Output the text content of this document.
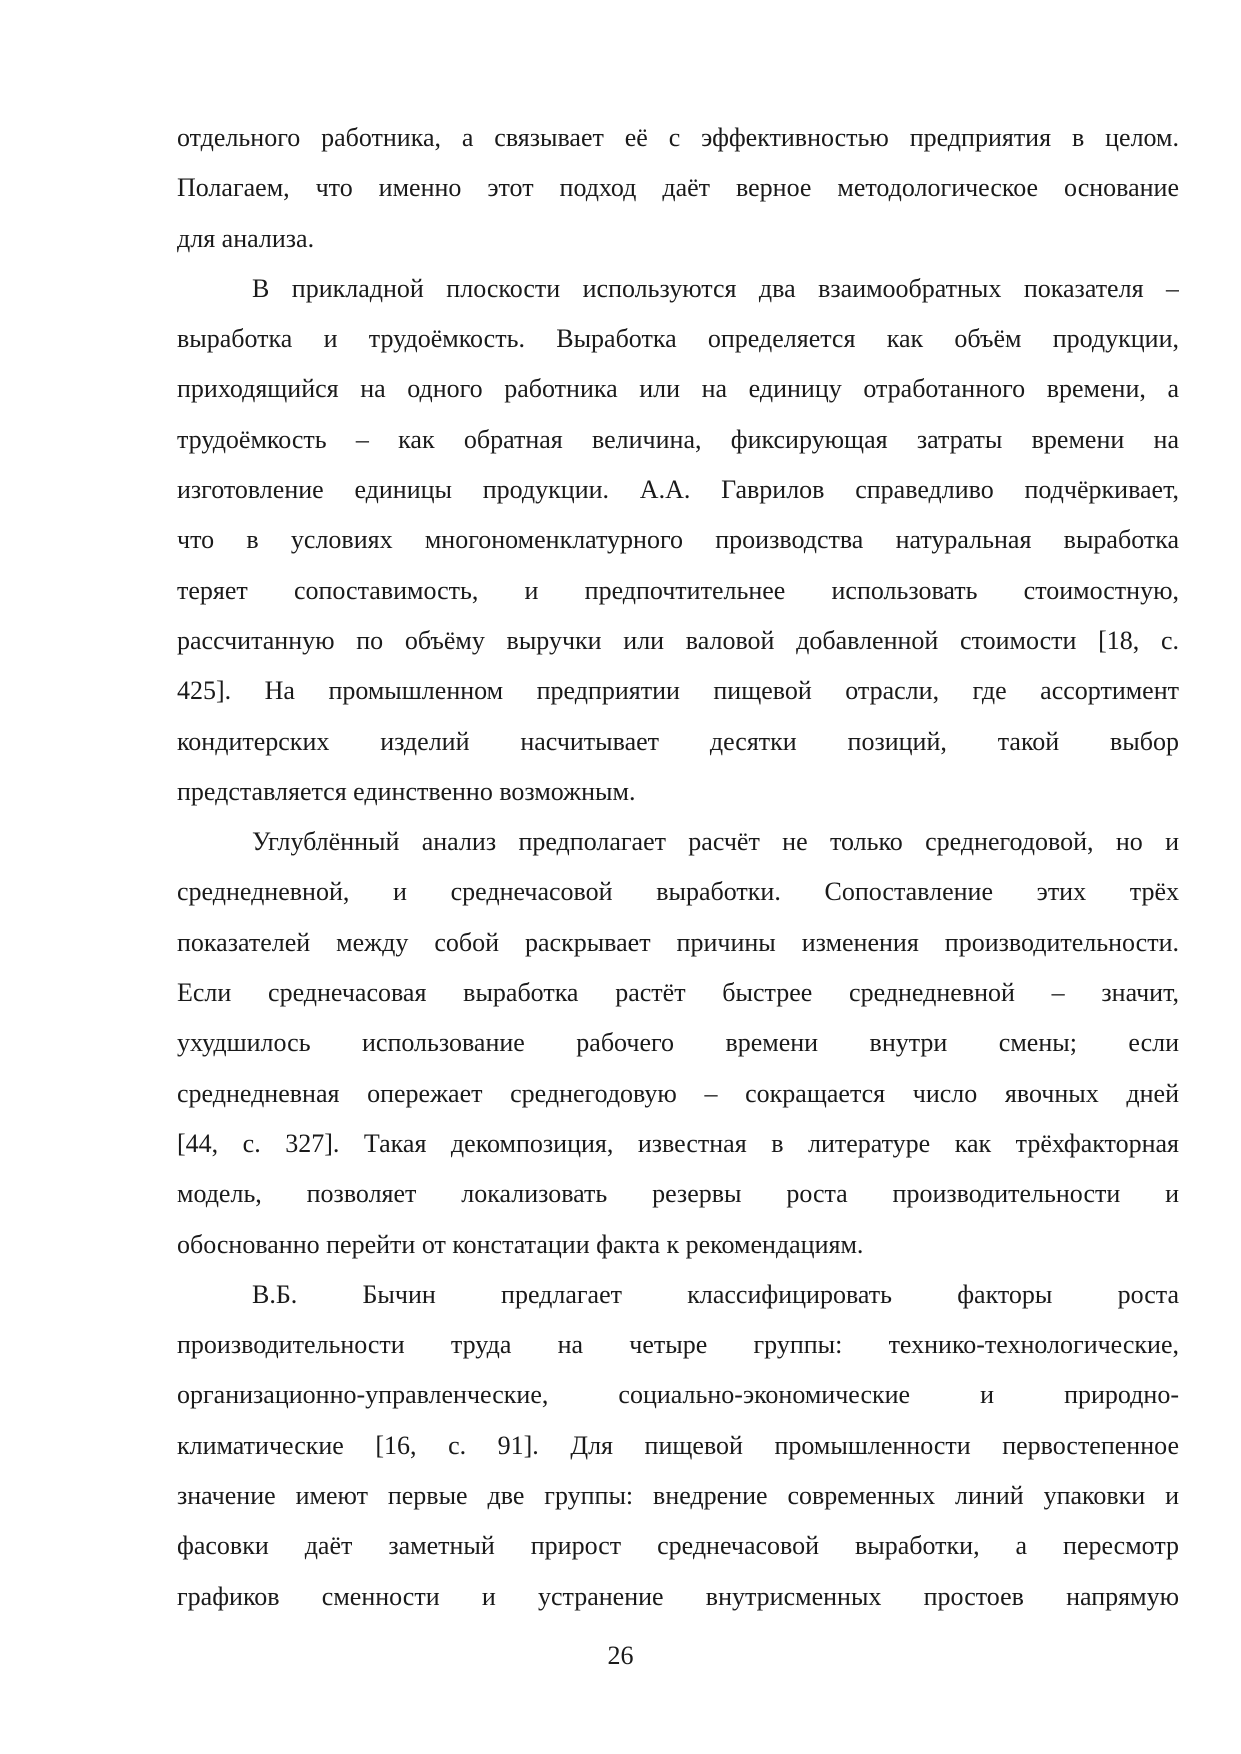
отдельного работника, а связывает её с эффективностью предприятия в целом.
Полагаем, что именно этот подход даёт верное методологическое основание
для анализа.
В прикладной плоскости используются два взаимообратных показателя –
выработка и трудоёмкость. Выработка определяется как объём продукции,
приходящийся на одного работника или на единицу отработанного времени, а
трудоёмкость – как обратная величина, фиксирующая затраты времени на
изготовление единицы продукции. А.А. Гаврилов справедливо подчёркивает,
что в условиях многономенклатурного производства натуральная выработка
теряет сопоставимость, и предпочтительнее использовать стоимостную,
рассчитанную по объёму выручки или валовой добавленной стоимости [18, с.
425]. На промышленном предприятии пищевой отрасли, где ассортимент
кондитерских изделий насчитывает десятки позиций, такой выбор
представляется единственно возможным.
Углублённый анализ предполагает расчёт не только среднегодовой, но и
среднедневной, и среднечасовой выработки. Сопоставление этих трёх
показателей между собой раскрывает причины изменения производительности.
Если среднечасовая выработка растёт быстрее среднедневной – значит,
ухудшилось использование рабочего времени внутри смены; если
среднедневная опережает среднегодовую – сокращается число явочных дней
[44, с. 327]. Такая декомпозиция, известная в литературе как трёхфакторная
модель, позволяет локализовать резервы роста производительности и
обоснованно перейти от констатации факта к рекомендациям.
В.Б. Бычин предлагает классифицировать факторы роста
производительности труда на четыре группы: технико-технологические,
организационно-управленческие, социально-экономические и природно-
климатические [16, с. 91]. Для пищевой промышленности первостепенное
значение имеют первые две группы: внедрение современных линий упаковки и
фасовки даёт заметный прирост среднечасовой выработки, а пересмотр
графиков сменности и устранение внутрисменных простоев напрямую
26
